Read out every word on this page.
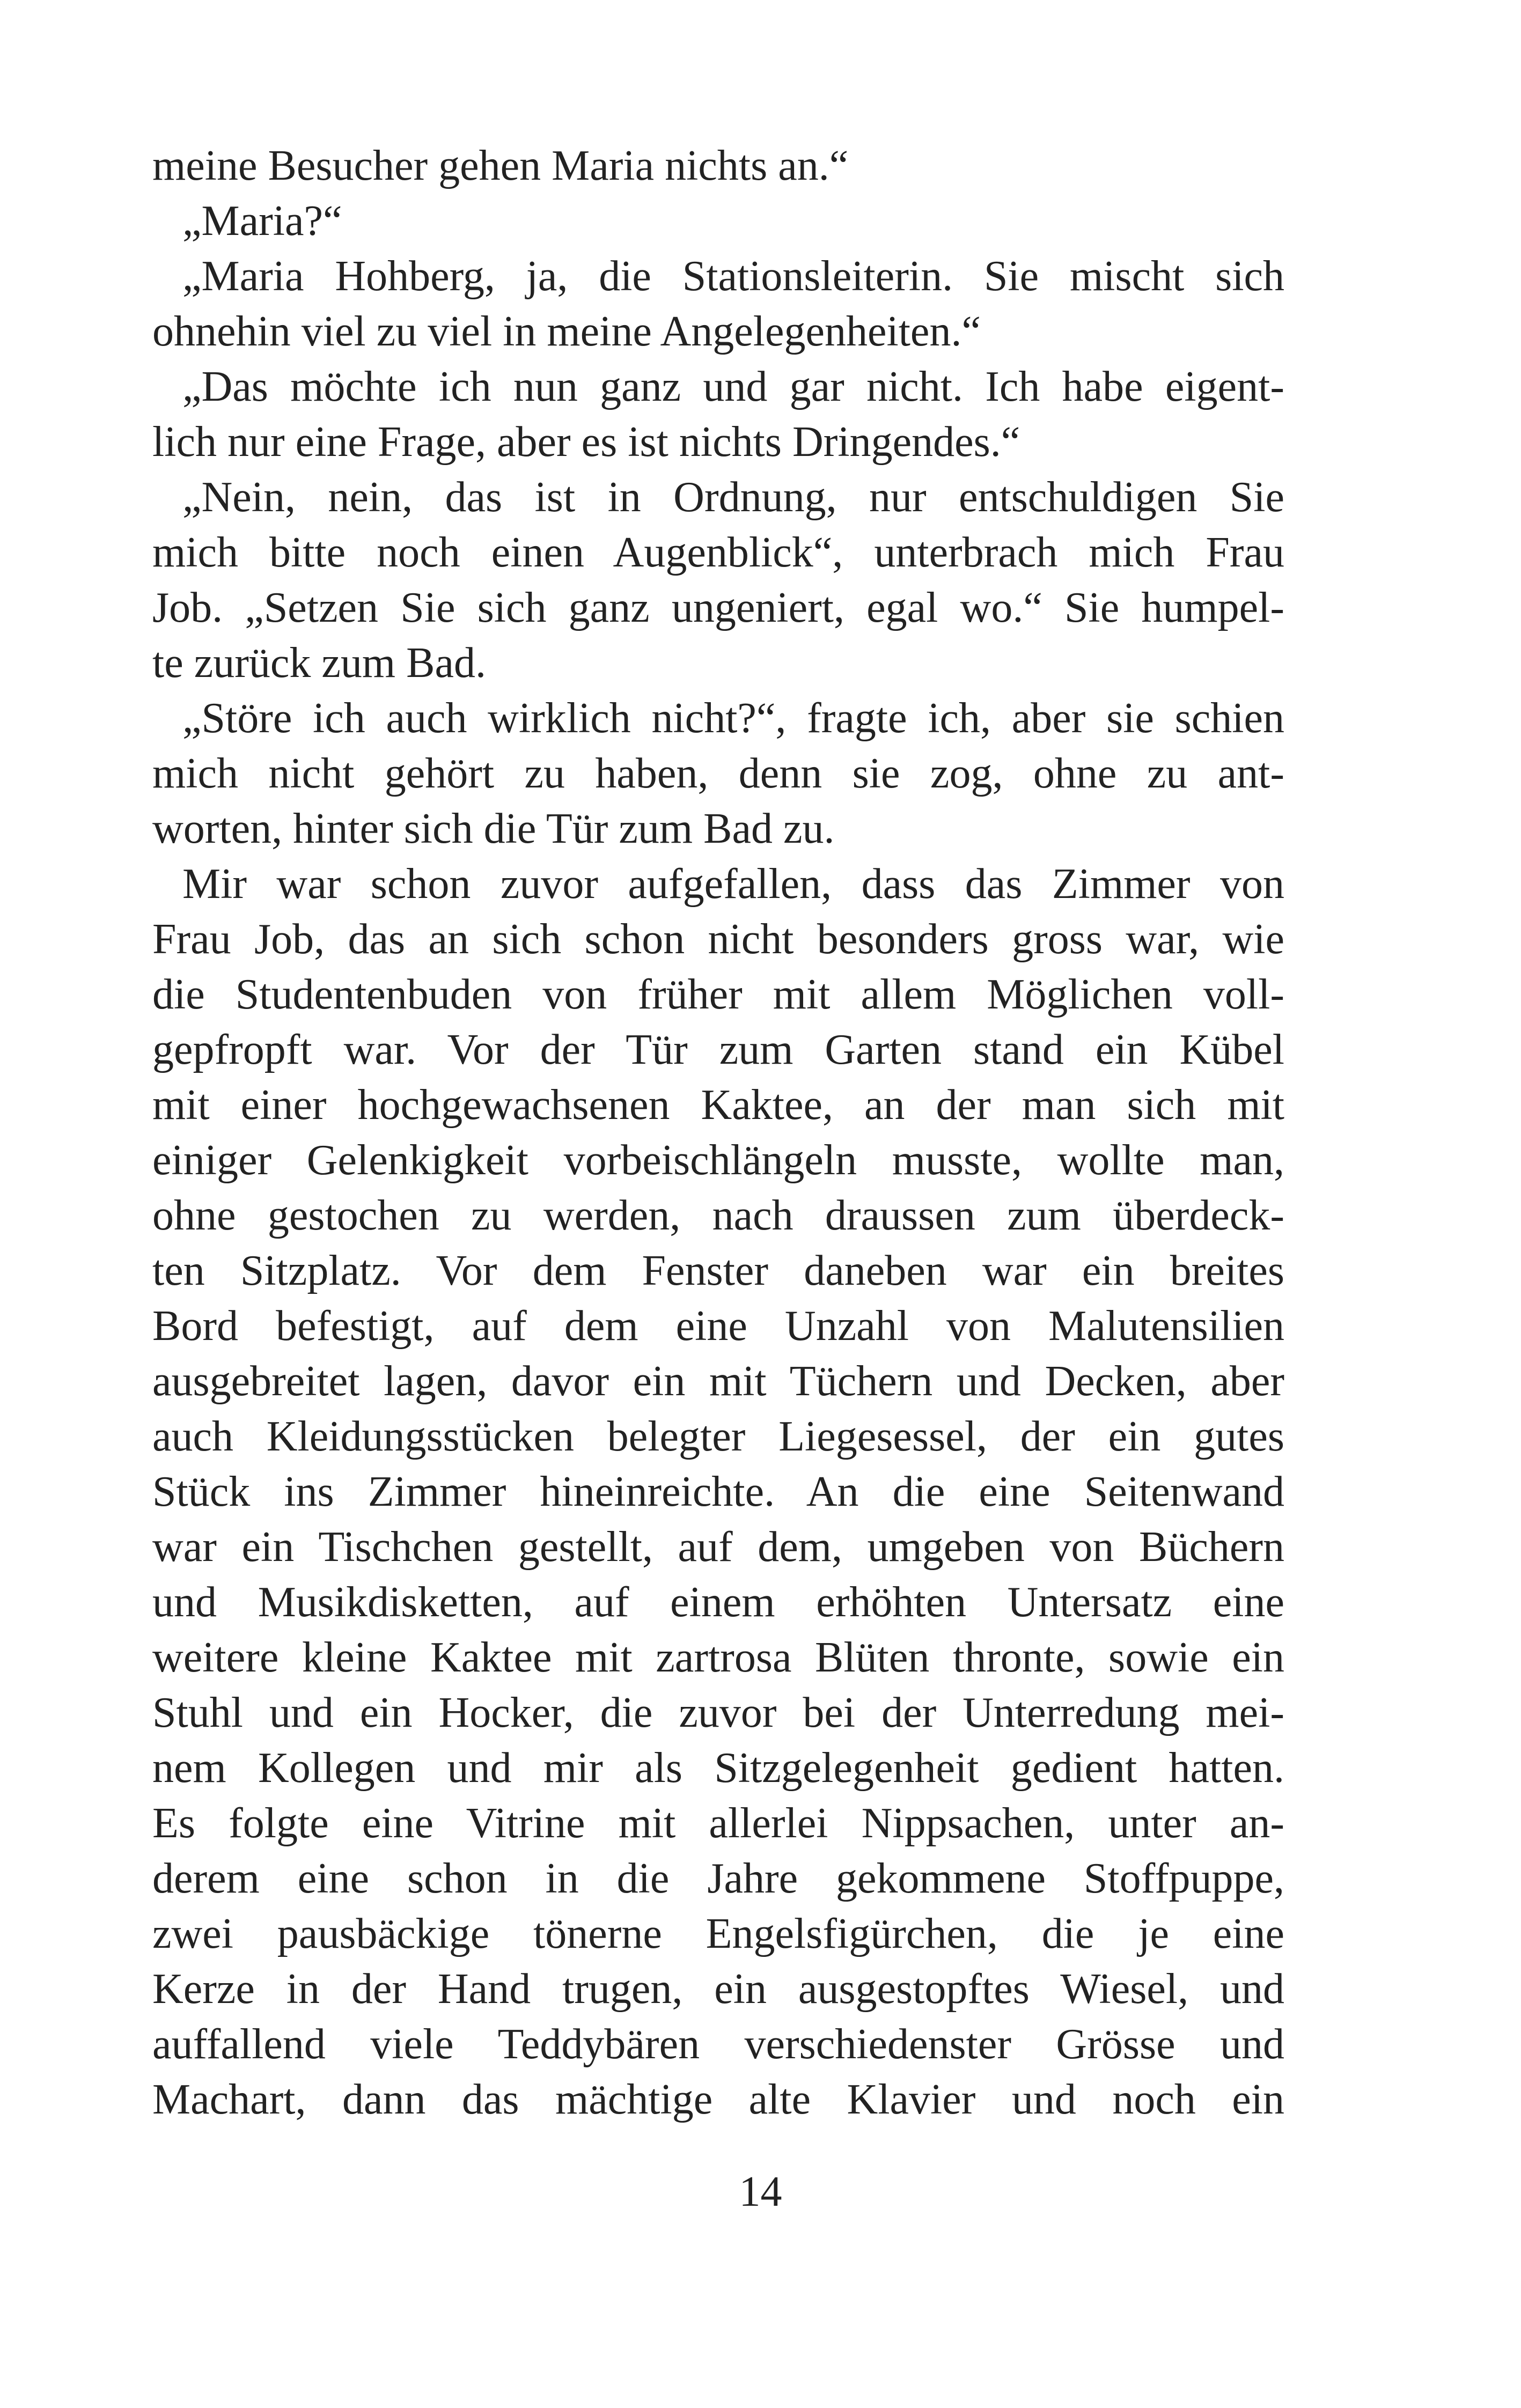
meine Besucher gehen Maria nichts an.“
„Maria?“
„Maria Hohberg, ja, die Stationsleiterin. Sie mischt sich
ohnehin viel zu viel in meine Angelegenheiten.“
„Das möchte ich nun ganz und gar nicht. Ich habe eigent-
lich nur eine Frage, aber es ist nichts Dringendes.“
„Nein, nein, das ist in Ordnung, nur entschuldigen Sie
mich bitte noch einen Augenblick“, unterbrach mich Frau
Job. „Setzen Sie sich ganz ungeniert, egal wo.“ Sie humpel-
te zurück zum Bad.
„Störe ich auch wirklich nicht?“, fragte ich, aber sie schien
mich nicht gehört zu haben, denn sie zog, ohne zu ant-
worten, hinter sich die Tür zum Bad zu.
Mir war schon zuvor aufgefallen, dass das Zimmer von
Frau Job, das an sich schon nicht besonders gross war, wie
die Studentenbuden von früher mit allem Möglichen voll-
gepfropft war. Vor der Tür zum Garten stand ein Kübel
mit einer hochgewachsenen Kaktee, an der man sich mit
einiger Gelenkigkeit vorbeischlängeln musste, wollte man,
ohne gestochen zu werden, nach draussen zum überdeck-
ten Sitzplatz. Vor dem Fenster daneben war ein breites
Bord befestigt, auf dem eine Unzahl von Malutensilien
ausgebreitet lagen, davor ein mit Tüchern und Decken, aber
auch Kleidungsstücken belegter Liegesessel, der ein gutes
Stück ins Zimmer hineinreichte. An die eine Seitenwand
war ein Tischchen gestellt, auf dem, umgeben von Büchern
und Musikdisketten, auf einem erhöhten Untersatz eine
weitere kleine Kaktee mit zartrosa Blüten thronte, sowie ein
Stuhl und ein Hocker, die zuvor bei der Unterredung mei-
nem Kollegen und mir als Sitzgelegenheit gedient hatten.
Es folgte eine Vitrine mit allerlei Nippsachen, unter an-
derem eine schon in die Jahre gekommene Stoffpuppe,
zwei pausbäckige tönerne Engelsfigürchen, die je eine
Kerze in der Hand trugen, ein ausgestopftes Wiesel, und
auffallend viele Teddybären verschiedenster Grösse und
Machart, dann das mächtige alte Klavier und noch ein
14
